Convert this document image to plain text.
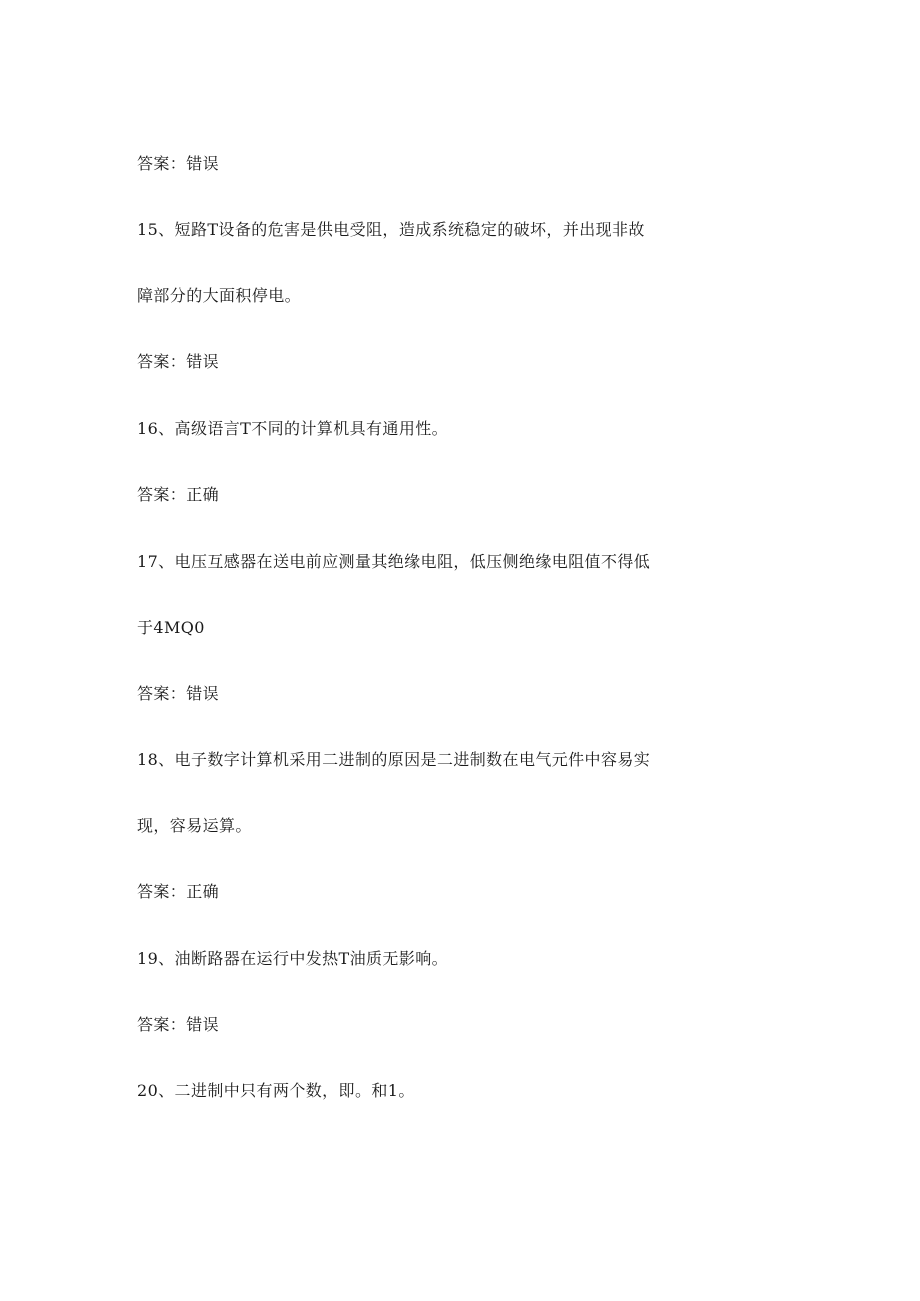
答案：错误
15、短路T设备的危害是供电受阻，造成系统稳定的破坏，并出现非故
障部分的大面积停电。
答案：错误
16、高级语言T不同的计算机具有通用性。
答案：正确
17、电压互感器在送电前应测量其绝缘电阻，低压侧绝缘电阻值不得低
于4MQ0
答案：错误
18、电子数字计算机采用二进制的原因是二进制数在电气元件中容易实
现，容易运算。
答案：正确
19、油断路器在运行中发热T油质无影响。
答案：错误
20、二进制中只有两个数，即。和1。
